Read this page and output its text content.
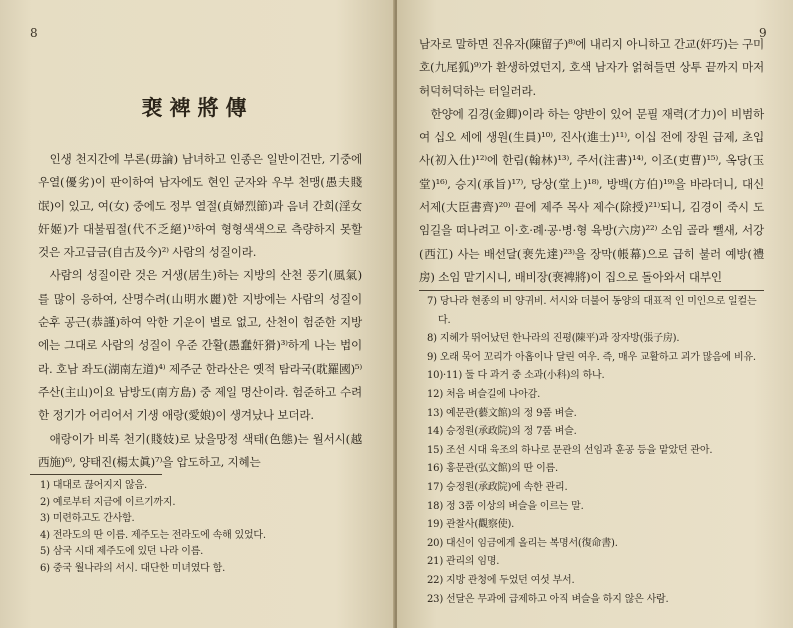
8
裵裨將傳

인생 천지간에 부론(毋論) 남녀하고 인종은 일반이건만, 기중에 우열(優劣)이 판이하여 남자에도 현인 군자와 우부 천맹(愚夫賤氓)이 있고, 여(女) 중에도 정부 열절(貞婦烈節)과 음녀 간희(淫女奸姬)가 대불핍절(代不乏絕)¹⁾하여 형형색색으로 측량하지 못할 것은 자고급금(自古及今)²⁾ 사람의 성질이라.

사람의 성질이란 것은 거생(居生)하는 지방의 산천 풍기(風氣)를 많이 응하여, 산명수려(山明水麗)한 지방에는 사람의 성질이 순후 공근(恭謹)하여 악한 기운이 별로 없고, 산천이 험준한 지방에는 그대로 사람의 성질이 우준 간활(愚蠢奸猾)³⁾하게 나는 법이라. 호남 좌도(湖南左道)⁴⁾ 제주군 한라산은 옛적 탐라국(耽羅國)⁵⁾ 주산(主山)이요 남방도(南方島) 중 제일 명산이라. 험준하고 수려한 정기가 어리어서 기생 애랑(愛娘)이 생겨났나 보더라.

애랑이가 비록 천기(賤妓)로 났을망정 색태(色態)는 월서시(越西施)⁶⁾, 양태진(楊太眞)⁷⁾을 압도하고, 지혜는

1) 대대로 끊어지지 않음.
2) 예로부터 지금에 이르기까지.
3) 미련하고도 간사함.
4) 전라도의 딴 이름. 제주도는 전라도에 속해 있었다.
5) 삼국 시대 제주도에 있던 나라 이름.
6) 중국 월나라의 서시. 대단한 미녀였다 함.
9

남자로 말하면 진유자(陳留子)⁸⁾에 내리지 아니하고 간교(奸巧)는 구미호(九尾狐)⁹⁾가 환생하였던지, 호색 남자가 얽혀들면 상투 끝까지 마저 허덕허덕하는 터일러라.

한양에 김경(金卿)이라 하는 양반이 있어 문필 재력(才力)이 비범하여 십오 세에 생원(生員)¹⁰⁾, 진사(進士)¹¹⁾, 이십 전에 장원 급제, 초입사(初入仕)¹²⁾에 한림(翰林)¹³⁾, 주서(注書)¹⁴⁾, 이조(吏曹)¹⁵⁾, 옥당(玉堂)¹⁶⁾, 승지(承旨)¹⁷⁾, 당상(堂上)¹⁸⁾, 방백(方伯)¹⁹⁾을 바라더니, 대신 서제(大臣書齊)²⁰⁾ 끝에 제주 목사 제수(除授)²¹⁾되니, 김경이 죽시 도임길을 떠나려고 이·호·례·공·병·형 육방(六房)²²⁾ 소임 골라 뺄새, 서강(西江) 사는 배선달(裵先達)²³⁾을 장막(帳幕)으로 급히 불러 예방(禮房) 소임 맡기시니, 배비장(裵裨將)이 집으로 돌아와서 대부인

7) 당나라 현종의 비 양귀비. 서시와 더불어 동양의 대표적 인 미인으로 일컬는다.
8) 지혜가 뛰어났던 한나라의 진평(陳平)과 장자방(張子房).
9) 오래 묵어 꼬리가 아홉이나 달린 여우. 즉, 매우 교활하고 괴가 많음에 비유.
10)·11) 둘 다 과거 중 소과(小科)의 하나.
12) 처음 벼슬길에 나아감.
13) 예문관(藝文館)의 정 9품 벼슬.
14) 승정원(承政院)의 정 7품 벼슬.
15) 조선 시대 육조의 하나로 문관의 선임과 훈공 등을 맡았던 관아.
16) 홍문관(弘文館)의 딴 이름.
17) 승정원(承政院)에 속한 관리.
18) 정 3품 이상의 벼슬을 이르는 말.
19) 관찰사(觀察使).
20) 대신이 임금에게 올리는 복명서(復命書).
21) 관리의 임명.
22) 지방 관청에 두었던 여섯 부서.
23) 선달은 무과에 급제하고 아직 벼슬을 하지 않은 사람.
